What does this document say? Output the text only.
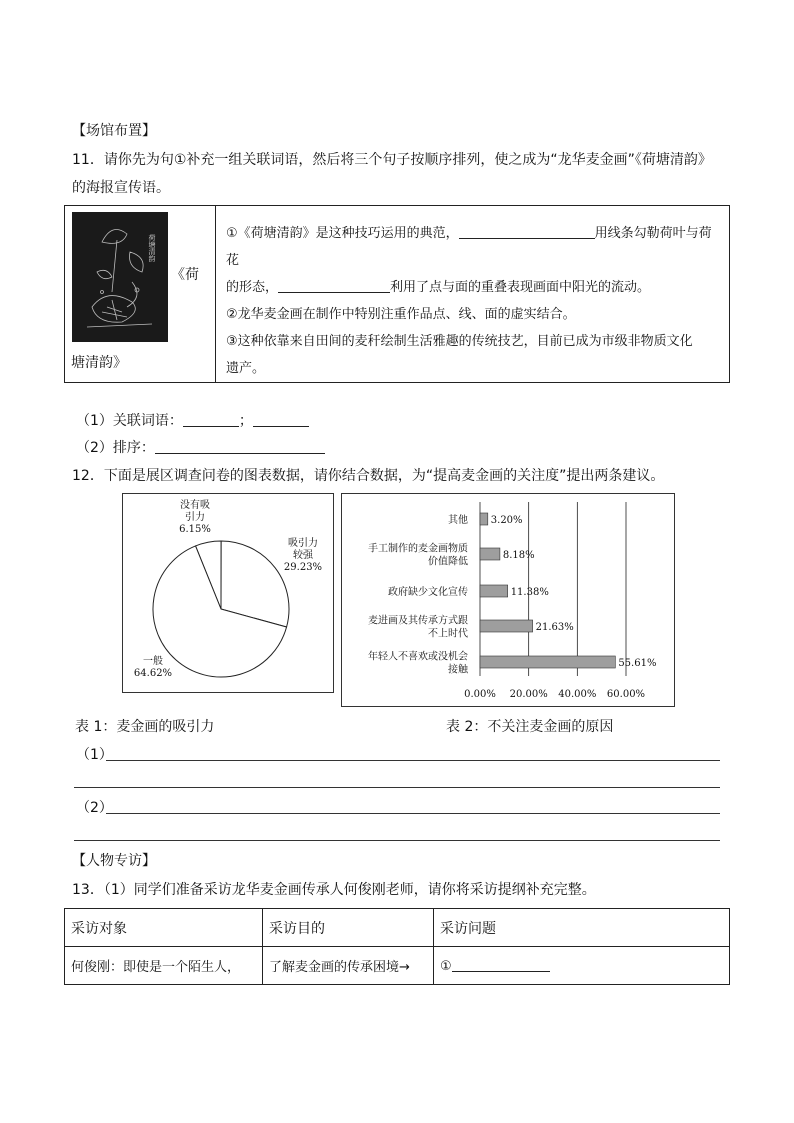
【场馆布置】
11．请你先为句①补充一组关联词语，然后将三个句子按顺序排列，使之成为“龙华麦金画”《荷塘清韵》
的海报宣传语。
荷塘清韵
《荷
塘清韵》

①《荷塘清韵》是这种技巧运用的典范，	用线条勾勒荷叶与荷花
的形态，	利用了点与面的重叠表现画面中阳光的流动。
②龙华麦金画在制作中特别注重作品点、线、面的虚实结合。
③这种依靠来自田间的麦秆绘制生活雅趣的传统技艺，目前已成为市级非物质文化
遗产。
（1）关联词语：	；
（2）排序：
12．下面是展区调查问卷的图表数据，请你结合数据，为“提高麦金画的关注度”提出两条建议。
没有吸
引力
6.15%
吸引力
较强
29.23%
一般
64.62%
0.00% 20.00% 40.00% 60.00%
其他 3.20%
手工制作的麦金画物质
价值降低
8.18%
政府缺少文化宣传	11.38%
麦进画及其传承方式跟
不上时代
21.63%
年轻人不喜欢或没机会
接触
55.61%
表 1：麦金画的吸引力	表 2：不关注麦金画的原因
（1）
（2）
【人物专访】
13．（1）同学们准备采访龙华麦金画传承人何俊刚老师，请你将采访提纲补充完整。
采访对象	采访目的	采访问题
何俊刚：即使是一个陌生人，	了解麦金画的传承困境→	①
